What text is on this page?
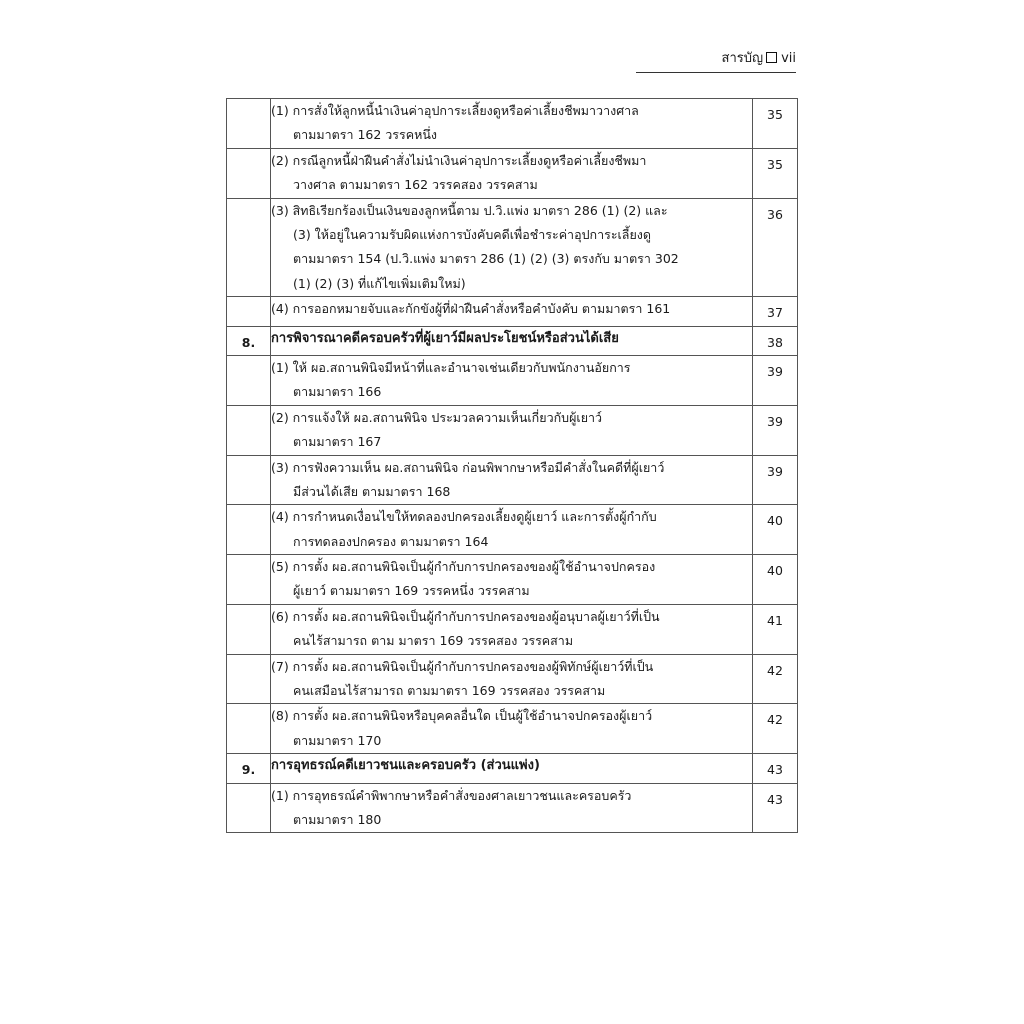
สารบัญ vii

	(1) การสั่งให้ลูกหนี้นำเงินค่าอุปการะเลี้ยงดูหรือค่าเลี้ยงชีพมาวางศาล
ตามมาตรา 162 วรรคหนึ่ง	35

	(2) กรณีลูกหนี้ฝ่าฝืนคำสั่งไม่นำเงินค่าอุปการะเลี้ยงดูหรือค่าเลี้ยงชีพมา
วางศาล ตามมาตรา 162 วรรคสอง วรรคสาม	35

	(3) สิทธิเรียกร้องเป็นเงินของลูกหนี้ตาม ป.วิ.แพ่ง มาตรา 286 (1) (2) และ
(3) ให้อยู่ในความรับผิดแห่งการบังคับคดีเพื่อชำระค่าอุปการะเลี้ยงดู
ตามมาตรา 154 (ป.วิ.แพ่ง มาตรา 286 (1) (2) (3) ตรงกับ มาตรา 302
(1) (2) (3) ที่แก้ไขเพิ่มเติมใหม่)	36

	(4) การออกหมายจับและกักขังผู้ที่ฝ่าฝืนคำสั่งหรือคำบังคับ ตามมาตรา 161	37

8.	การพิจารณาคดีครอบครัวที่ผู้เยาว์มีผลประโยชน์หรือส่วนได้เสีย	38

	(1) ให้ ผอ.สถานพินิจมีหน้าที่และอำนาจเช่นเดียวกับพนักงานอัยการ
ตามมาตรา 166	39

	(2) การแจ้งให้ ผอ.สถานพินิจ ประมวลความเห็นเกี่ยวกับผู้เยาว์
ตามมาตรา 167	39

	(3) การฟังความเห็น ผอ.สถานพินิจ ก่อนพิพากษาหรือมีคำสั่งในคดีที่ผู้เยาว์
มีส่วนได้เสีย ตามมาตรา 168	39

	(4) การกำหนดเงื่อนไขให้ทดลองปกครองเลี้ยงดูผู้เยาว์ และการตั้งผู้กำกับ
การทดลองปกครอง ตามมาตรา 164	40

	(5) การตั้ง ผอ.สถานพินิจเป็นผู้กำกับการปกครองของผู้ใช้อำนาจปกครอง
ผู้เยาว์ ตามมาตรา 169 วรรคหนึ่ง วรรคสาม	40

	(6) การตั้ง ผอ.สถานพินิจเป็นผู้กำกับการปกครองของผู้อนุบาลผู้เยาว์ที่เป็น
คนไร้สามารถ ตาม มาตรา 169 วรรคสอง วรรคสาม	41

	(7) การตั้ง ผอ.สถานพินิจเป็นผู้กำกับการปกครองของผู้พิทักษ์ผู้เยาว์ที่เป็น
คนเสมือนไร้สามารถ ตามมาตรา 169 วรรคสอง วรรคสาม	42

	(8) การตั้ง ผอ.สถานพินิจหรือบุคคลอื่นใด เป็นผู้ใช้อำนาจปกครองผู้เยาว์
ตามมาตรา 170	42

9.	การอุทธรณ์คดีเยาวชนและครอบครัว (ส่วนแพ่ง)	43

	(1) การอุทธรณ์คำพิพากษาหรือคำสั่งของศาลเยาวชนและครอบครัว
ตามมาตรา 180	43
